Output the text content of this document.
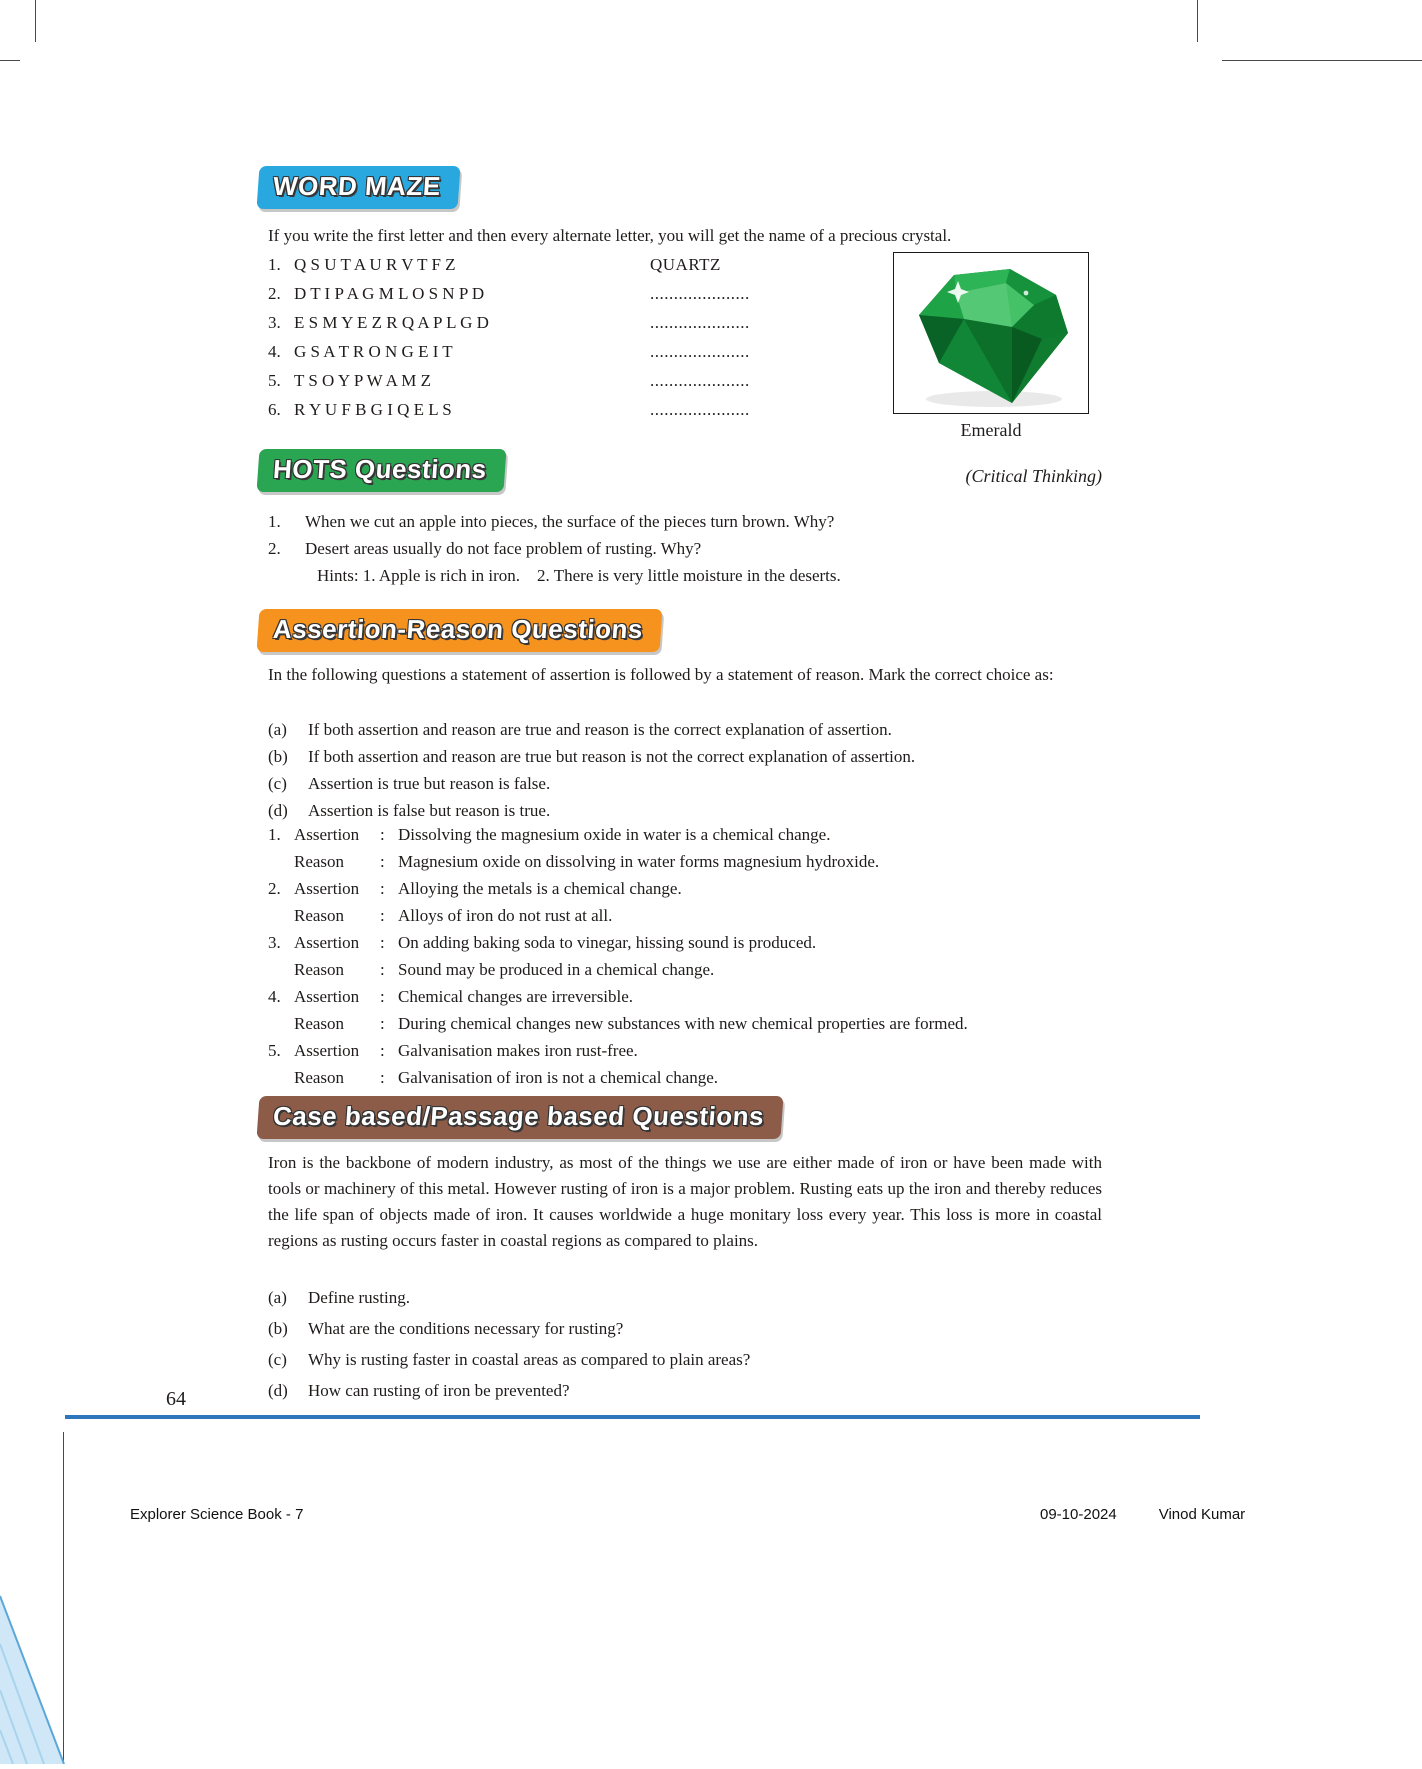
WORD MAZE
If you write the first letter and then every alternate letter, you will get the name of a precious crystal.
1. Q S U T A U R V T F Z	QUARTZ
2. D T I P A G M L O S N P D	.....................
3. E S M Y E Z R Q A P L G D	.....................
4. G S A T R O N G E I T	.....................
5. T S O Y P W A M Z	.....................
6. R Y U F B G I Q E L S	.....................
Emerald
HOTS Questions	(Critical Thinking)
1.	When we cut an apple into pieces, the surface of the pieces turn brown. Why?
2.	Desert areas usually do not face problem of rusting. Why?
Hints: 1. Apple is rich in iron.    2. There is very little moisture in the deserts.
Assertion-Reason Questions
In the following questions a statement of assertion is followed by a statement of reason. Mark the correct choice as:
(a)	If both assertion and reason are true and reason is the correct explanation of assertion.
(b)	If both assertion and reason are true but reason is not the correct explanation of assertion.
(c)	Assertion is true but reason is false.
(d)	Assertion is false but reason is true.
1. Assertion	: Dissolving the magnesium oxide in water is a chemical change.
Reason	: Magnesium oxide on dissolving in water forms magnesium hydroxide.
2. Assertion	: Alloying the metals is a chemical change.
Reason	: Alloys of iron do not rust at all.
3. Assertion	: On adding baking soda to vinegar, hissing sound is produced.
Reason	: Sound may be produced in a chemical change.
4. Assertion	: Chemical changes are irreversible.
Reason	: During chemical changes new substances with new chemical properties are formed.
5. Assertion	: Galvanisation makes iron rust-free.
Reason	: Galvanisation of iron is not a chemical change.
Case based/Passage based Questions
Iron is the backbone of modern industry, as most of the things we use are either made of iron or have been made with tools or machinery of this metal. However rusting of iron is a major problem. Rusting eats up the iron and thereby reduces the life span of objects made of iron. It causes worldwide a huge monitary loss every year. This loss is more in coastal regions as rusting occurs faster in coastal regions as compared to plains.
(a)	Define rusting.
(b)	What are the conditions necessary for rusting?
(c)	Why is rusting faster in coastal areas as compared to plain areas?
(d)	How can rusting of iron be prevented?
64
Explorer Science Book - 7	09-10-2024	Vinod Kumar
